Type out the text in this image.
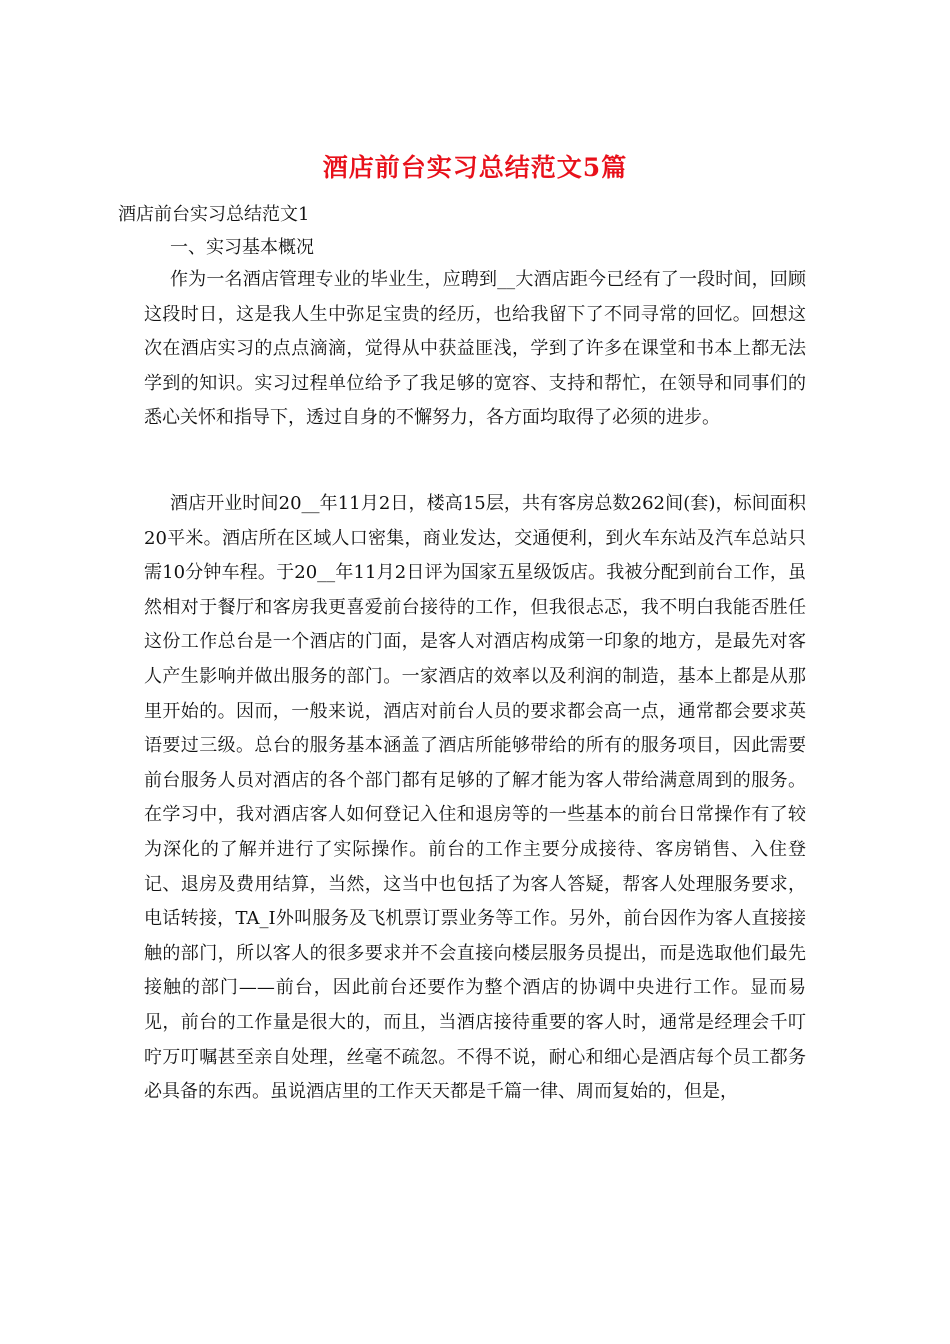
酒店前台实习总结范文5篇

酒店前台实习总结范文1

一、实习基本概况

作为一名酒店管理专业的毕业生，应聘到__大酒店距今已经有了一段时间，回顾这段时日，这是我人生中弥足宝贵的经历，也给我留下了不同寻常的回忆。回想这次在酒店实习的点点滴滴，觉得从中获益匪浅，学到了许多在课堂和书本上都无法学到的知识。实习过程单位给予了我足够的宽容、支持和帮忙，在领导和同事们的悉心关怀和指导下，透过自身的不懈努力，各方面均取得了必须的进步。

酒店开业时间20__年11月2日，楼高15层，共有客房总数262间(套)，标间面积20平米。酒店所在区域人口密集，商业发达，交通便利，到火车东站及汽车总站只需10分钟车程。于20__年11月2日评为国家五星级饭店。我被分配到前台工作，虽然相对于餐厅和客房我更喜爱前台接待的工作，但我很忐忑，我不明白我能否胜任这份工作总台是一个酒店的门面，是客人对酒店构成第一印象的地方，是最先对客人产生影响并做出服务的部门。一家酒店的效率以及利润的制造，基本上都是从那里开始的。因而，一般来说，酒店对前台人员的要求都会高一点，通常都会要求英语要过三级。总台的服务基本涵盖了酒店所能够带给的所有的服务项目，因此需要前台服务人员对酒店的各个部门都有足够的了解才能为客人带给满意周到的服务。在学习中，我对酒店客人如何登记入住和退房等的一些基本的前台日常操作有了较为深化的了解并进行了实际操作。前台的工作主要分成接待、客房销售、入住登记、退房及费用结算，当然，这当中也包括了为客人答疑，帮客人处理服务要求，电话转接，TA_I外叫服务及飞机票订票业务等工作。另外，前台因作为客人直接接触的部门，所以客人的很多要求并不会直接向楼层服务员提出，而是选取他们最先接触的部门——前台，因此前台还要作为整个酒店的协调中央进行工作。显而易见，前台的工作量是很大的，而且，当酒店接待重要的客人时，通常是经理会千叮咛万叮嘱甚至亲自处理，丝毫不疏忽。不得不说，耐心和细心是酒店每个员工都务必具备的东西。虽说酒店里的工作天天都是千篇一律、周而复始的，但是，
